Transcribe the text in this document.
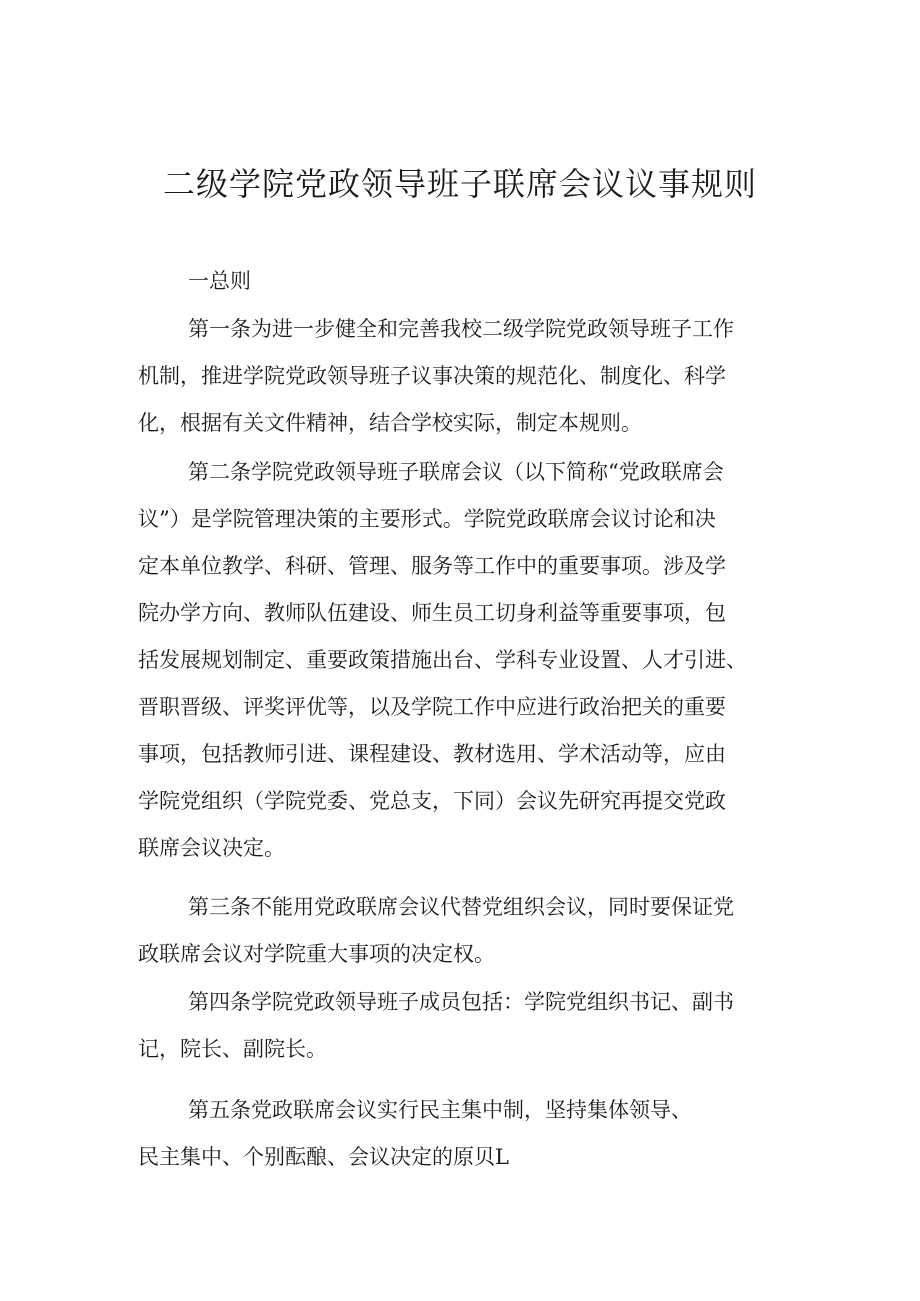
二级学院党政领导班子联席会议议事规则
一总则
第一条为进一步健全和完善我校二级学院党政领导班子工作
机制，推进学院党政领导班子议事决策的规范化、制度化、科学
化，根据有关文件精神，结合学校实际，制定本规则。
第二条学院党政领导班子联席会议（以下简称“党政联席会
议”）是学院管理决策的主要形式。学院党政联席会议讨论和决
定本单位教学、科研、管理、服务等工作中的重要事项。涉及学
院办学方向、教师队伍建设、师生员工切身利益等重要事项，包
括发展规划制定、重要政策措施出台、学科专业设置、人才引进、
晋职晋级、评奖评优等，以及学院工作中应进行政治把关的重要
事项，包括教师引进、课程建设、教材选用、学术活动等，应由
学院党组织（学院党委、党总支，下同）会议先研究再提交党政
联席会议决定。
第三条不能用党政联席会议代替党组织会议，同时要保证党
政联席会议对学院重大事项的决定权。
第四条学院党政领导班子成员包括：学院党组织书记、副书
记，院长、副院长。
第五条党政联席会议实行民主集中制，坚持集体领导、
民主集中、个别酝酿、会议决定的原贝L
